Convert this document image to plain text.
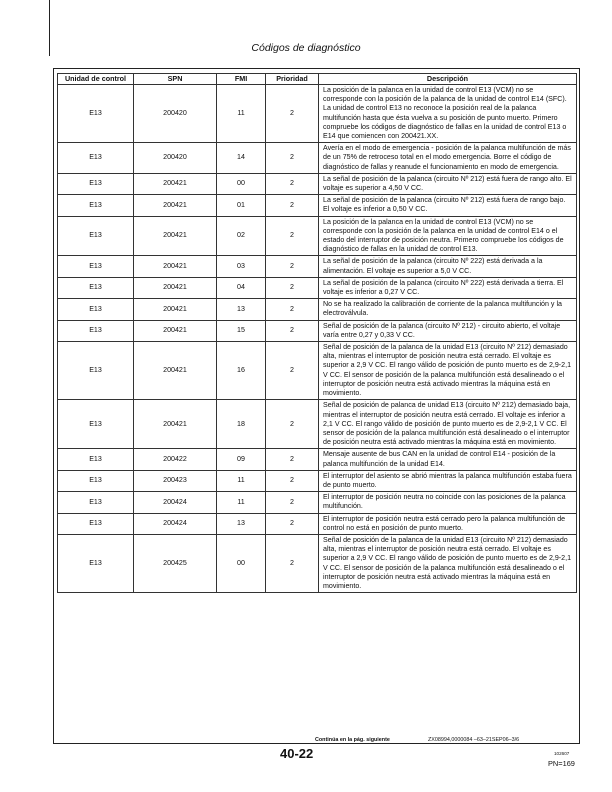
Códigos de diagnóstico
Unidad de control	SPN	FMI	Prioridad	Descripción
E13	200420	11	2	La posición de la palanca en la unidad de control E13 (VCM) no se corresponde con la posición de la palanca de la unidad de control E14 (SFC). La unidad de control E13 no reconoce la posición real de la palanca multifunción hasta que ésta vuelva a su posición de punto muerto. Primero compruebe los códigos de diagnóstico de fallas en la unidad de control E13 o E14 que comiencen con 200421.XX.
E13	200420	14	2	Avería en el modo de emergencia - posición de la palanca multifunción de más de un 75% de retroceso total en el modo emergencia. Borre el código de diagnóstico de fallas y reanude el funcionamiento en modo de emergencia.
E13	200421	00	2	La señal de posición de la palanca (circuito Nº 212) está fuera de rango alto. El voltaje es superior a 4,50 V CC.
E13	200421	01	2	La señal de posición de la palanca (circuito Nº 212) está fuera de rango bajo. El voltaje es inferior a 0,50 V CC.
E13	200421	02	2	La posición de la palanca en la unidad de control E13 (VCM) no se corresponde con la posición de la palanca en la unidad de control E14 o el estado del interruptor de posición neutra. Primero compruebe los códigos de diagnóstico de fallas en la unidad de control E13.
E13	200421	03	2	La señal de posición de la palanca (circuito Nº 222) está derivada a la alimentación. El voltaje es superior a 5,0 V CC.
E13	200421	04	2	La señal de posición de la palanca (circuito Nº 222) está derivada a tierra. El voltaje es inferior a 0,27 V CC.
E13	200421	13	2	No se ha realizado la calibración de corriente de la palanca multifunción y la electroválvula.
E13	200421	15	2	Señal de posición de la palanca (circuito Nº 212) - circuito abierto, el voltaje varía entre 0,27 y 0,33 V CC.
E13	200421	16	2	Señal de posición de la palanca de la unidad E13 (circuito Nº 212) demasiado alta, mientras el interruptor de posición neutra está cerrado. El voltaje es superior a 2,9 V CC. El rango válido de posición de punto muerto es de 2,9-2,1 V CC. El sensor de posición de la palanca multifunción está desalineado o el interruptor de posición neutra está activado mientras la máquina está en movimiento.
E13	200421	18	2	Señal de posición de palanca de unidad E13 (circuito Nº 212) demasiado baja, mientras el interruptor de posición neutra está cerrado. El voltaje es inferior a 2,1 V CC. El rango válido de posición de punto muerto es de 2,9-2,1 V CC. El sensor de posición de la palanca multifunción está desalineado o el interruptor de posición neutra está activado mientras la máquina está en movimiento.
E13	200422	09	2	Mensaje ausente de bus CAN en la unidad de control E14 - posición de la palanca multifunción de la unidad E14.
E13	200423	11	2	El interruptor del asiento se abrió mientras la palanca multifunción estaba fuera de punto muerto.
E13	200424	11	2	El interruptor de posición neutra no coincide con las posiciones de la palanca multifunción.
E13	200424	13	2	El interruptor de posición neutra está cerrado pero la palanca multifunción de control no está en posición de punto muerto.
E13	200425	00	2	Señal de posición de la palanca de la unidad E13 (circuito Nº 212) demasiado alta, mientras el interruptor de posición neutra está cerrado. El voltaje es superior a 2,9 V CC. El rango válido de posición de punto muerto es de 2,9-2,1 V CC. El sensor de posición de la palanca multifunción está desalineado o el interruptor de posición neutra está activado mientras la máquina está en movimiento.
Continúa en la pág. siguiente	ZX08994,0000084 –63–21SEP06–3/6
40-22	102607
PN=169
